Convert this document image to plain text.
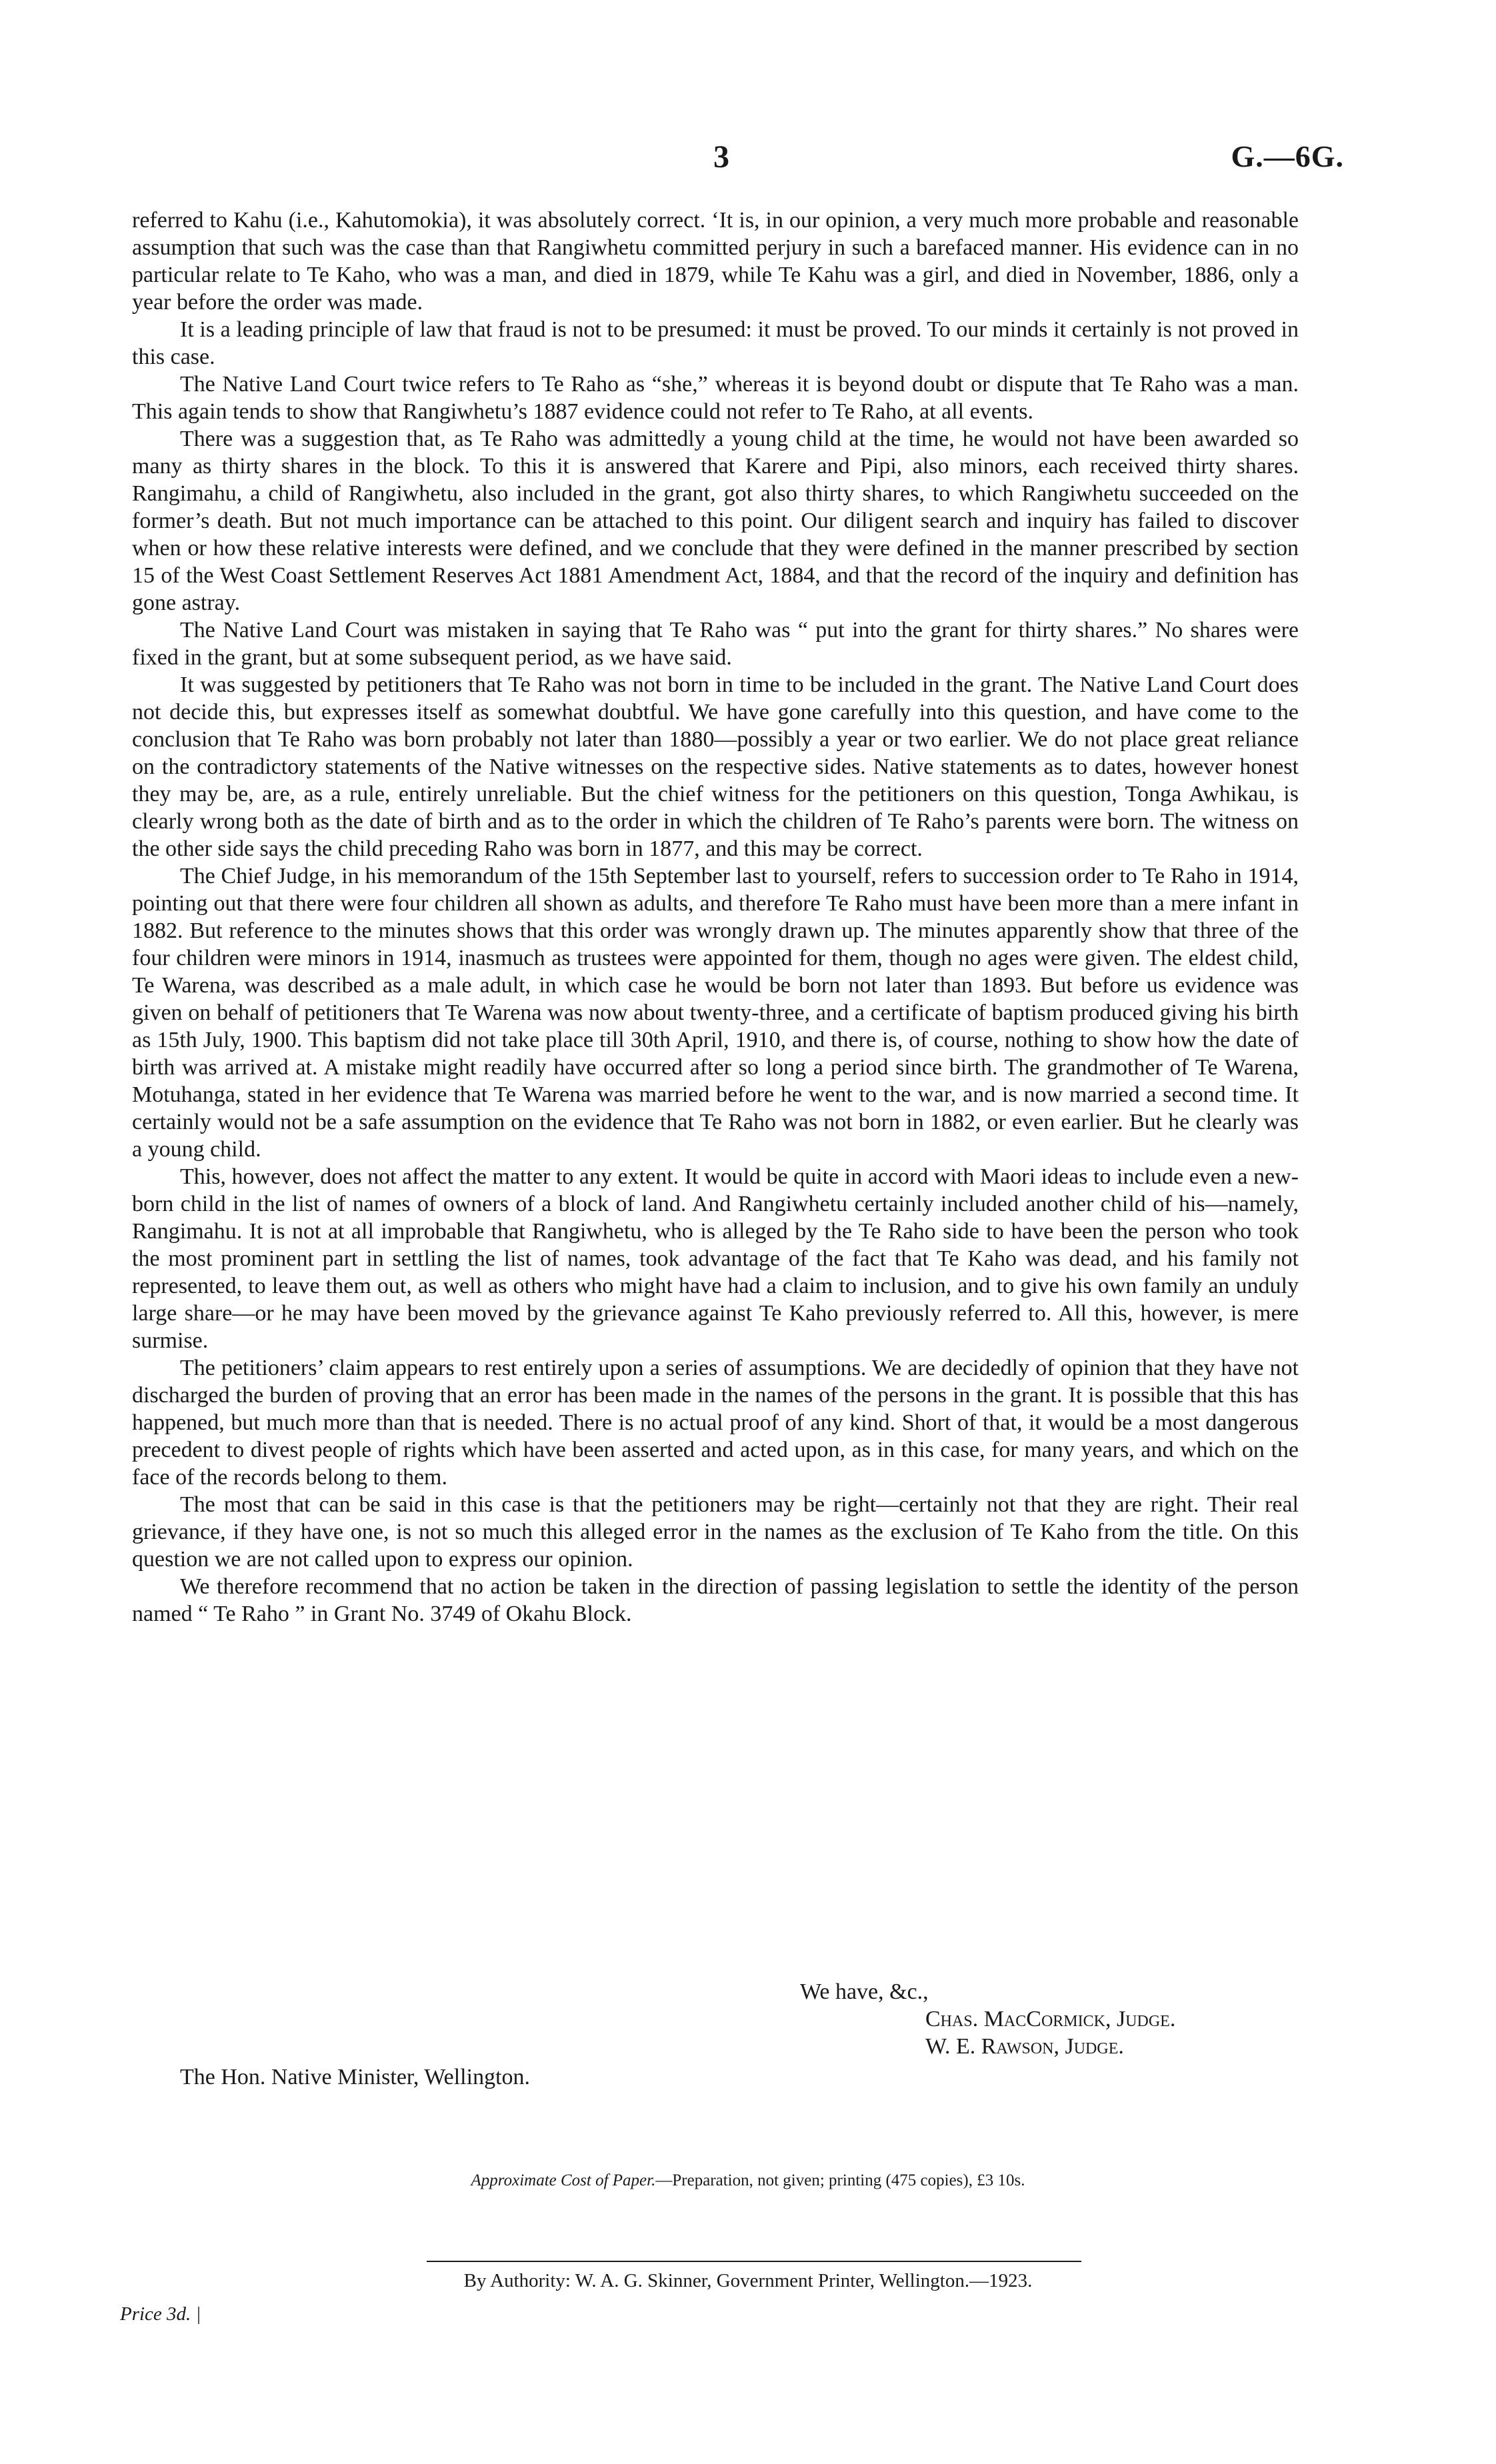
3	G.—6G.

referred to Kahu (i.e., Kahutomokia), it was absolutely correct. ‘It is, in our opinion, a very much more probable and reasonable assumption that such was the case than that Rangiwhetu committed perjury in such a barefaced manner. His evidence can in no particular relate to Te Kaho, who was a man, and died in 1879, while Te Kahu was a girl, and died in November, 1886, only a year before the order was made.

It is a leading principle of law that fraud is not to be presumed: it must be proved. To our minds it certainly is not proved in this case.

The Native Land Court twice refers to Te Raho as “she,” whereas it is beyond doubt or dispute that Te Raho was a man. This again tends to show that Rangiwhetu’s 1887 evidence could not refer to Te Raho, at all events.

There was a suggestion that, as Te Raho was admittedly a young child at the time, he would not have been awarded so many as thirty shares in the block. To this it is answered that Karere and Pipi, also minors, each received thirty shares. Rangimahu, a child of Rangiwhetu, also included in the grant, got also thirty shares, to which Rangiwhetu succeeded on the former’s death. But not much importance can be attached to this point. Our diligent search and inquiry has failed to discover when or how these relative interests were defined, and we conclude that they were defined in the manner prescribed by section 15 of the West Coast Settlement Reserves Act 1881 Amendment Act, 1884, and that the record of the inquiry and definition has gone astray.

The Native Land Court was mistaken in saying that Te Raho was “ put into the grant for thirty shares.” No shares were fixed in the grant, but at some subsequent period, as we have said.

It was suggested by petitioners that Te Raho was not born in time to be included in the grant. The Native Land Court does not decide this, but expresses itself as somewhat doubtful. We have gone carefully into this question, and have come to the conclusion that Te Raho was born probably not later than 1880—possibly a year or two earlier. We do not place great reliance on the contradictory statements of the Native witnesses on the respective sides. Native statements as to dates, however honest they may be, are, as a rule, entirely unreliable. But the chief witness for the petitioners on this question, Tonga Awhikau, is clearly wrong both as the date of birth and as to the order in which the children of Te Raho’s parents were born. The witness on the other side says the child preceding Raho was born in 1877, and this may be correct.

The Chief Judge, in his memorandum of the 15th September last to yourself, refers to succession order to Te Raho in 1914, pointing out that there were four children all shown as adults, and therefore Te Raho must have been more than a mere infant in 1882. But reference to the minutes shows that this order was wrongly drawn up. The minutes apparently show that three of the four children were minors in 1914, inasmuch as trustees were appointed for them, though no ages were given. The eldest child, Te Warena, was described as a male adult, in which case he would be born not later than 1893. But before us evidence was given on behalf of petitioners that Te Warena was now about twenty-three, and a certificate of baptism produced giving his birth as 15th July, 1900. This baptism did not take place till 30th April, 1910, and there is, of course, nothing to show how the date of birth was arrived at. A mistake might readily have occurred after so long a period since birth. The grandmother of Te Warena, Motuhanga, stated in her evidence that Te Warena was married before he went to the war, and is now married a second time. It certainly would not be a safe assumption on the evidence that Te Raho was not born in 1882, or even earlier. But he clearly was a young child.

This, however, does not affect the matter to any extent. It would be quite in accord with Maori ideas to include even a new-born child in the list of names of owners of a block of land. And Rangiwhetu certainly included another child of his—namely, Rangimahu. It is not at all improbable that Rangiwhetu, who is alleged by the Te Raho side to have been the person who took the most prominent part in settling the list of names, took advantage of the fact that Te Kaho was dead, and his family not represented, to leave them out, as well as others who might have had a claim to inclusion, and to give his own family an unduly large share—or he may have been moved by the grievance against Te Kaho previously referred to. All this, however, is mere surmise.

The petitioners’ claim appears to rest entirely upon a series of assumptions. We are decidedly of opinion that they have not discharged the burden of proving that an error has been made in the names of the persons in the grant. It is possible that this has happened, but much more than that is needed. There is no actual proof of any kind. Short of that, it would be a most dangerous precedent to divest people of rights which have been asserted and acted upon, as in this case, for many years, and which on the face of the records belong to them.

The most that can be said in this case is that the petitioners may be right—certainly not that they are right. Their real grievance, if they have one, is not so much this alleged error in the names as the exclusion of Te Kaho from the title. On this question we are not called upon to express our opinion.

We therefore recommend that no action be taken in the direction of passing legislation to settle the identity of the person named “ Te Raho ” in Grant No. 3749 of Okahu Block.

We have, &c.,
Chas. MacCormick, Judge.
W. E. Rawson, Judge.
The Hon. Native Minister, Wellington.
Approximate Cost of Paper.—Preparation, not given; printing (475 copies), £3 10s.
By Authority: W. A. G. Skinner, Government Printer, Wellington.—1923.
Price 3d. |
